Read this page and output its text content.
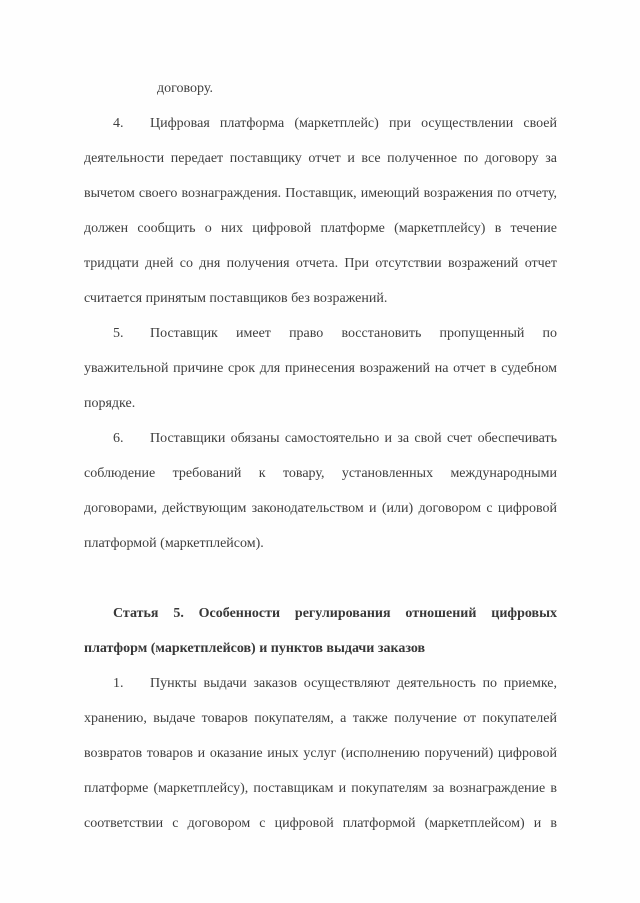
договору.
4. Цифровая платформа (маркетплейс) при осуществлении своей
деятельности передает поставщику отчет и все полученное по договору за
вычетом своего вознаграждения. Поставщик, имеющий возражения по отчету,
должен сообщить о них цифровой платформе (маркетплейсу) в течение
тридцати дней со дня получения отчета. При отсутствии возражений отчет
считается принятым поставщиков без возражений.
5. Поставщик имеет право восстановить пропущенный по
уважительной причине срок для принесения возражений на отчет в судебном
порядке.
6. Поставщики обязаны самостоятельно и за свой счет обеспечивать
соблюдение требований к товару, установленных международными
договорами, действующим законодательством и (или) договором с цифровой
платформой (маркетплейсом).
Статья 5. Особенности регулирования отношений цифровых
платформ (маркетплейсов) и пунктов выдачи заказов
1. Пункты выдачи заказов осуществляют деятельность по приемке,
хранению, выдаче товаров покупателям, а также получение от покупателей
возвратов товаров и оказание иных услуг (исполнению поручений) цифровой
платформе (маркетплейсу), поставщикам и покупателям за вознаграждение в
соответствии с договором с цифровой платформой (маркетплейсом) и в
